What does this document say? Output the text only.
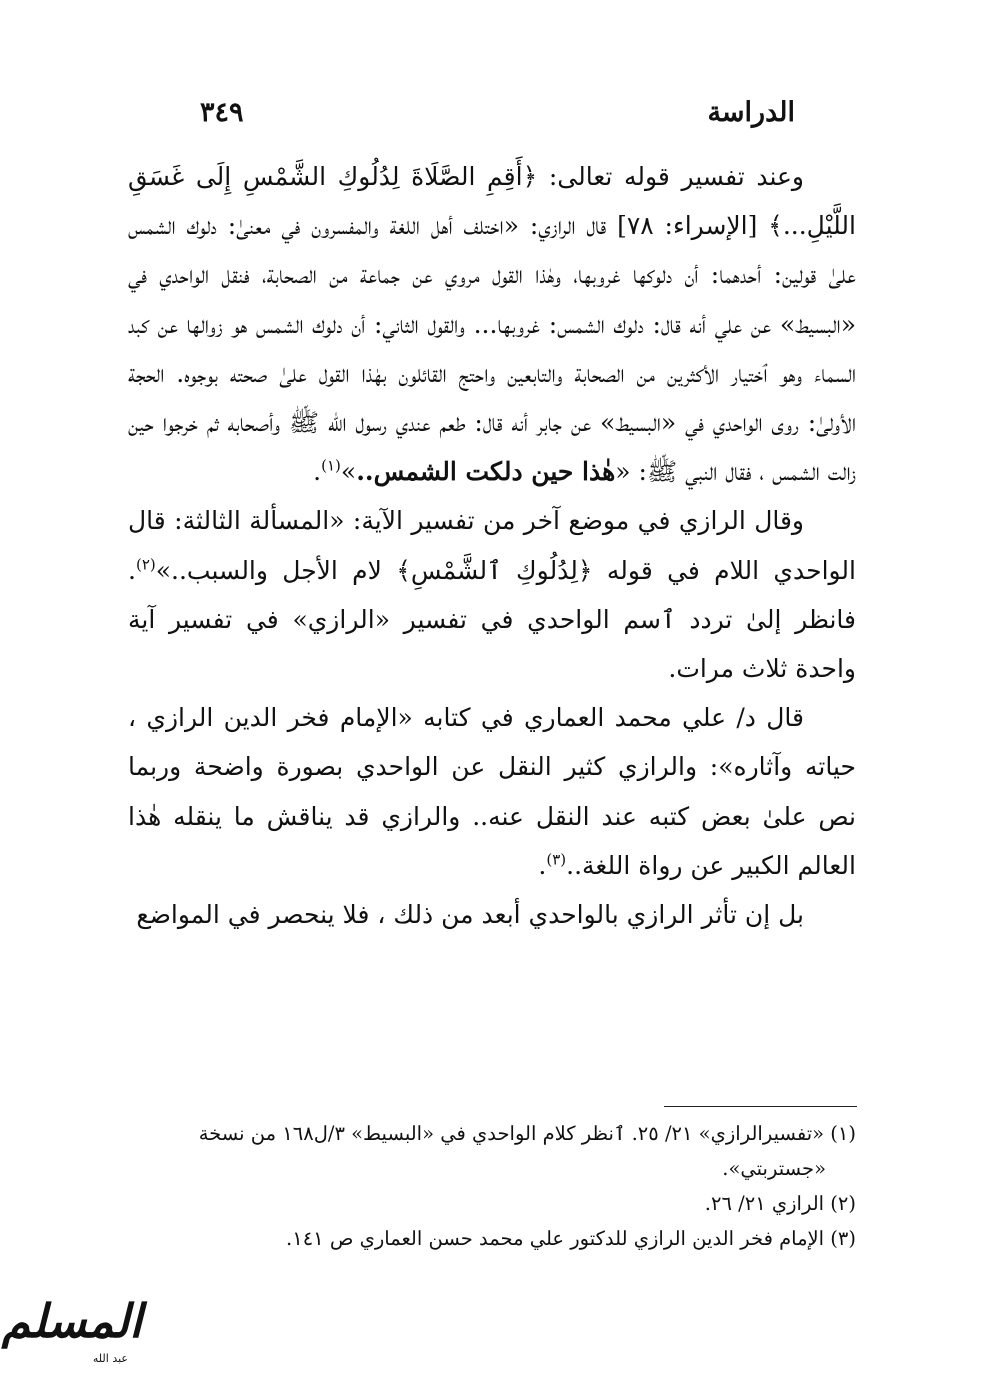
الدراسة
٣٤٩

وعند تفسير قوله تعالى: ﴿أَقِمِ الصَّلَاةَ لِدُلُوكِ الشَّمْسِ إِلَى غَسَقِ اللَّيْلِ...﴾ [الإسراء: ٧٨] قال الرازي: «اختلف أهل اللغة والمفسرون في معنىٰ: دلوك الشمس علىٰ قولين: أحدهما: أن دلوكها غروبها، وهٰذا القول مروي عن جماعة من الصحابة، فنقل الواحدي في «البسيط» عن علي أنه قال: دلوك الشمس: غروبها... والقول الثاني: أن دلوك الشمس هو زوالها عن كبد السماء وهو ٱختيار الأكثرين من الصحابة والتابعين واحتج القائلون بهٰذا القول علىٰ صحته بوجوه. الحجة الأولىٰ: روى الواحدي في «البسيط» عن جابر أنه قال: طعم عندي رسول الله ﷺ وأصحابه ثم خرجوا حين زالت الشمس ، فقال النبي ﷺ: «هٰذا حين دلكت الشمس..»$^{(١)}$.

وقال الرازي في موضع آخر من تفسير الآية: «المسألة الثالثة: قال الواحدي اللام في قوله ﴿لِدُلُوكِ ٱلشَّمْسِ﴾ لام الأجل والسبب..»$^{(٢)}$. فانظر إلىٰ تردد ٱسم الواحدي في تفسير «الرازي» في تفسير آية واحدة ثلاث مرات.

قال د/ علي محمد العماري في كتابه «الإمام فخر الدين الرازي ، حياته وآثاره»: والرازي كثير النقل عن الواحدي بصورة واضحة وربما نص علىٰ بعض كتبه عند النقل عنه.. والرازي قد يناقش ما ينقله هٰذا العالم الكبير عن رواة اللغة..$^{(٣)}$.

بل إن تأثر الرازي بالواحدي أبعد من ذلك ، فلا ينحصر في المواضع

(١) «تفسيرالرازي» ٢١/ ٢٥. ٱنظر كلام الواحدي في «البسيط» ٣/ل١٦٨ من نسخة

«جستربتي».

(٢) الرازي ٢١/ ٢٦.

(٣) الإمام فخر الدين الرازي للدكتور علي محمد حسن العماري ص ١٤١.

المسلم
عبد الله
